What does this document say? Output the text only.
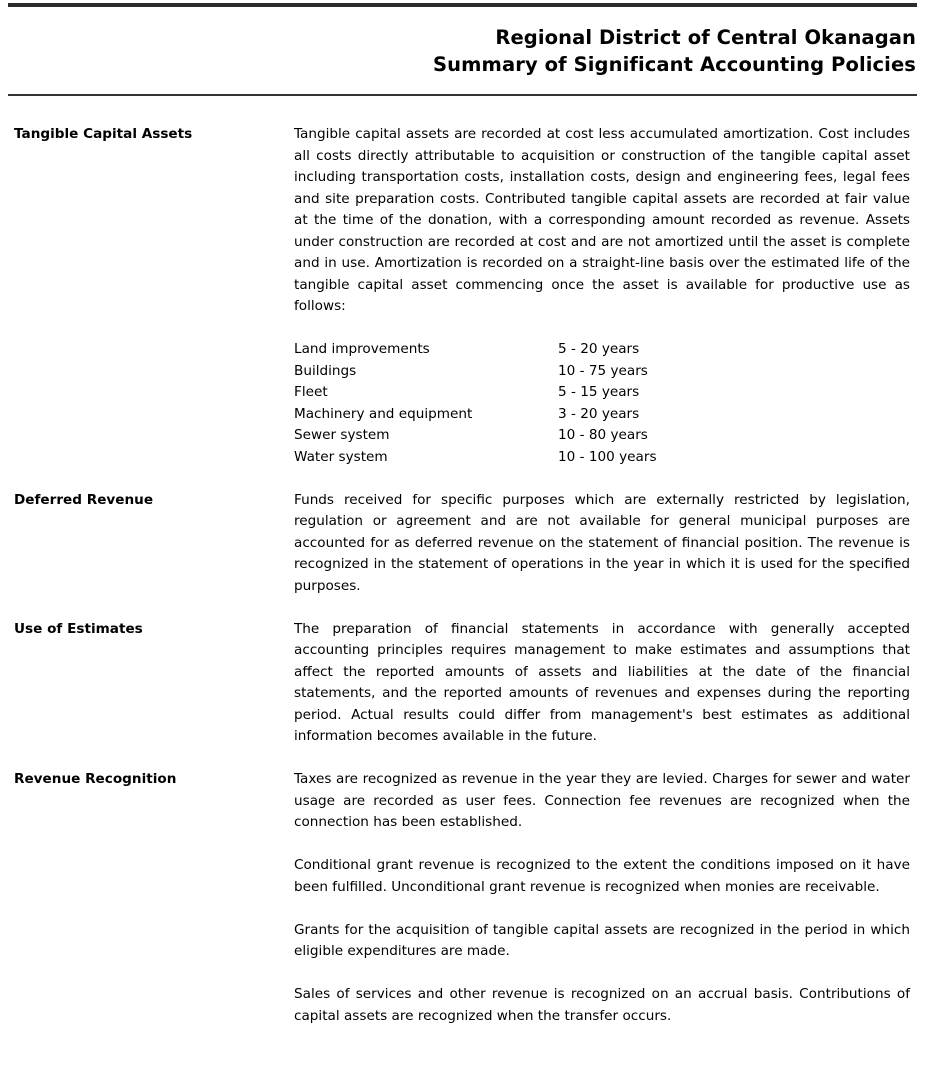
Regional District of Central Okanagan
Summary of Significant Accounting Policies
Tangible Capital Assets	Tangible capital assets are recorded at cost less accumulated amortization. Cost includes all costs directly attributable to acquisition or construction of the tangible capital asset including transportation costs, installation costs, design and engineering fees, legal fees and site preparation costs. Contributed tangible capital assets are recorded at fair value at the time of the donation, with a corresponding amount recorded as revenue. Assets under construction are recorded at cost and are not amortized until the asset is complete and in use. Amortization is recorded on a straight-line basis over the estimated life of the tangible capital asset commencing once the asset is available for productive use as follows:

Land improvements	5 - 20 years
Buildings	10 - 75 years
Fleet	5 - 15 years
Machinery and equipment	3 - 20 years
Sewer system	10 - 80 years
Water system	10 - 100 years
Deferred Revenue	Funds received for specific purposes which are externally restricted by legislation, regulation or agreement and are not available for general municipal purposes are accounted for as deferred revenue on the statement of financial position. The revenue is recognized in the statement of operations in the year in which it is used for the specified purposes.

Use of Estimates	The preparation of financial statements in accordance with generally accepted accounting principles requires management to make estimates and assumptions that affect the reported amounts of assets and liabilities at the date of the financial statements, and the reported amounts of revenues and expenses during the reporting period. Actual results could differ from management's best estimates as additional information becomes available in the future.

Revenue Recognition	Taxes are recognized as revenue in the year they are levied. Charges for sewer and water usage are recorded as user fees. Connection fee revenues are recognized when the connection has been established.

Conditional grant revenue is recognized to the extent the conditions imposed on it have been fulfilled. Unconditional grant revenue is recognized when monies are receivable.

Grants for the acquisition of tangible capital assets are recognized in the period in which eligible expenditures are made.

Sales of services and other revenue is recognized on an accrual basis. Contributions of capital assets are recognized when the transfer occurs.
